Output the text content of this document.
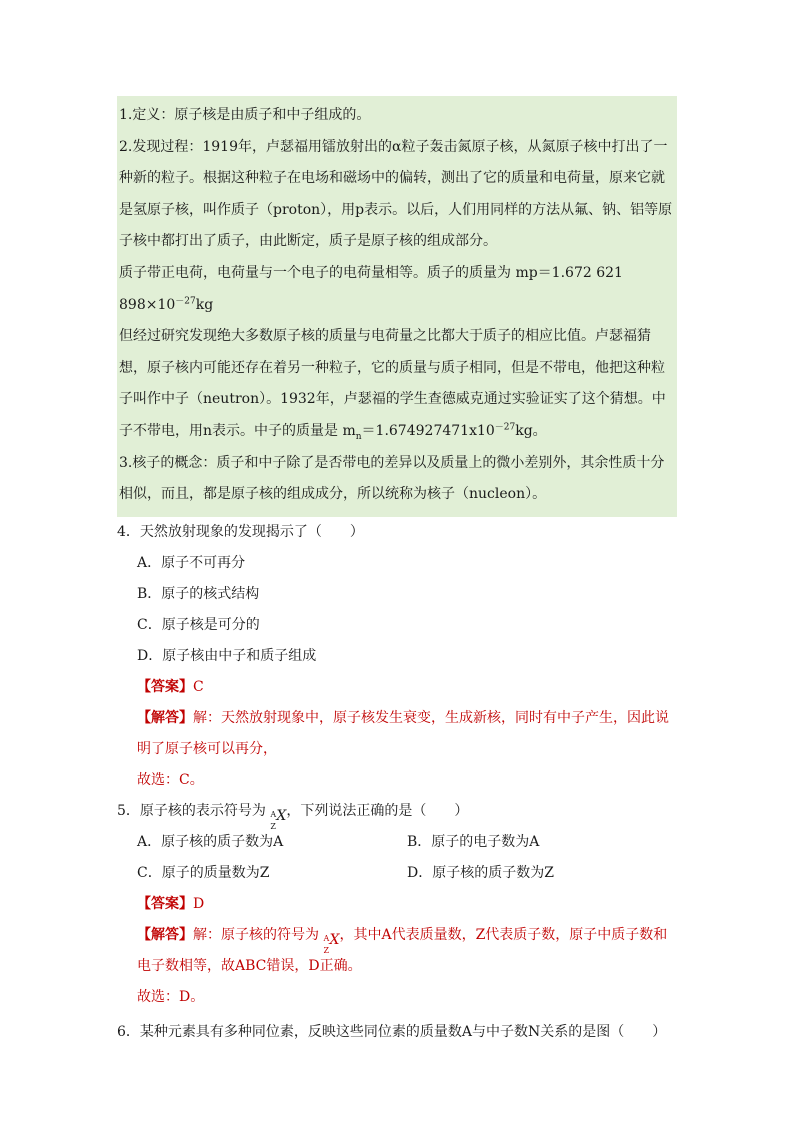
1.定义：原子核是由质子和中子组成的。

2.发现过程：1919年，卢瑟福用镭放射出的α粒子轰击氮原子核，从氮原子核中打出了一种新的粒子。根据这种粒子在电场和磁场中的偏转，测出了它的质量和电荷量，原来它就是氢原子核，叫作质子（proton），用p表示。以后，人们用同样的方法从氟、钠、铝等原子核中都打出了质子，由此断定，质子是原子核的组成部分。

质子带正电荷，电荷量与一个电子的电荷量相等。质子的质量为 mp＝1.672 621 $898\times 10^{-27}kg$

但经过研究发现绝大多数原子核的质量与电荷量之比都大于质子的相应比值。卢瑟福猜想，原子核内可能还存在着另一种粒子，它的质量与质子相同，但是不带电，他把这种粒子叫作中子（neutron）。1932年，卢瑟福的学生查德威克通过实验证实了这个猜想。中子不带电，用n表示。中子的质量是 $m_n=1.674927471x10^{-27}kg$。

3.核子的概念：质子和中子除了是否带电的差异以及质量上的微小差别外，其余性质十分相似，而且，都是原子核的组成成分，所以统称为核子（nucleon）。

4．天然放射现象的发现揭示了（　　）

A．原子不可再分

B．原子的核式结构

C．原子核是可分的

D．原子核由中子和质子组成

【答案】C

【解答】解：天然放射现象中，原子核发生衰变，生成新核，同时有中子产生，因此说明了原子核可以再分，

故选：C。

5．原子核的表示符号为 A
Z
X ，下列说法正确的是（　　）

A．原子核的质子数为A	B．原子的电子数为A
C．原子的质量数为Z	D．原子核的质子数为Z

【答案】D

【解答】解：原子核的符号为 A
Z
X ，其中A代表质量数，Z代表质子数，原子中质子数和电子数相等，故ABC错误，D正确。

故选：D。

6．某种元素具有多种同位素，反映这些同位素的质量数A与中子数N关系的是图（　　）
